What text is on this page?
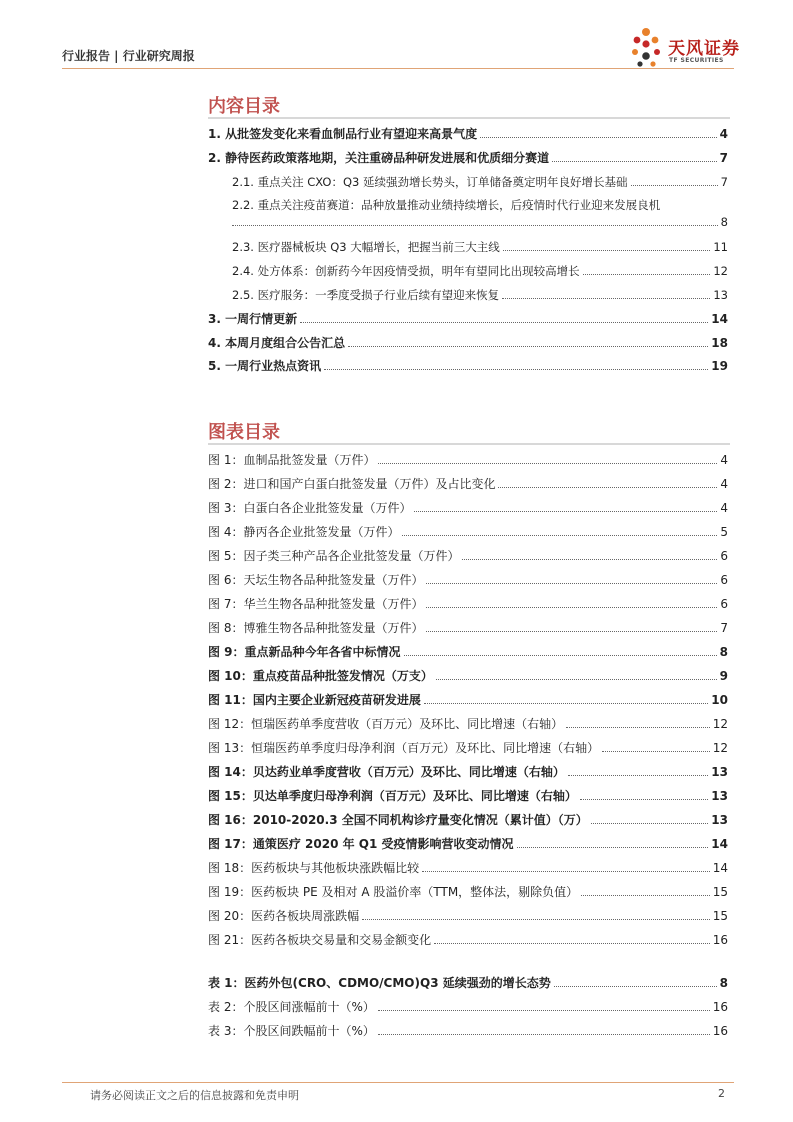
行业报告 | 行业研究周报	天风证券
TF SECURITIES
内容目录
1. 从批签发变化来看血制品行业有望迎来高景气度	4
2. 静待医药政策落地期，关注重磅品种研发进展和优质细分赛道	7
2.1. 重点关注 CXO：Q3 延续强劲增长势头，订单储备奠定明年良好增长基础	7
2.2. 重点关注疫苗赛道：品种放量推动业绩持续增长，后疫情时代行业迎来发展良机
8
2.3. 医疗器械板块 Q3 大幅增长，把握当前三大主线	11
2.4. 处方体系：创新药今年因疫情受损，明年有望同比出现较高增长	12
2.5. 医疗服务：一季度受损子行业后续有望迎来恢复	13
3. 一周行情更新	14
4. 本周月度组合公告汇总	18
5. 一周行业热点资讯	19
图表目录
图 1：血制品批签发量（万件）	4
图 2：进口和国产白蛋白批签发量（万件）及占比变化	4
图 3：白蛋白各企业批签发量（万件）	4
图 4：静丙各企业批签发量（万件）	5
图 5：因子类三种产品各企业批签发量（万件）	6
图 6：天坛生物各品种批签发量（万件）	6
图 7：华兰生物各品种批签发量（万件）	6
图 8：博雅生物各品种批签发量（万件）	7
图 9：重点新品种今年各省中标情况	8
图 10：重点疫苗品种批签发情况（万支）	9
图 11：国内主要企业新冠疫苗研发进展	10
图 12：恒瑞医药单季度营收（百万元）及环比、同比增速（右轴）	12
图 13：恒瑞医药单季度归母净利润（百万元）及环比、同比增速（右轴）	12
图 14：贝达药业单季度营收（百万元）及环比、同比增速（右轴）	13
图 15：贝达单季度归母净利润（百万元）及环比、同比增速（右轴）	13
图 16：2010-2020.3 全国不同机构诊疗量变化情况（累计值）（万）	13
图 17：通策医疗 2020 年 Q1 受疫情影响营收变动情况	14
图 18：医药板块与其他板块涨跌幅比较	14
图 19：医药板块 PE 及相对 A 股溢价率（TTM，整体法，剔除负值）	15
图 20：医药各板块周涨跌幅	15
图 21：医药各板块交易量和交易金额变化	16
表 1：医药外包(CRO、CDMO/CMO)Q3 延续强劲的增长态势	8
表 2：个股区间涨幅前十（%）	16
表 3：个股区间跌幅前十（%）	16
请务必阅读正文之后的信息披露和免责申明	2
